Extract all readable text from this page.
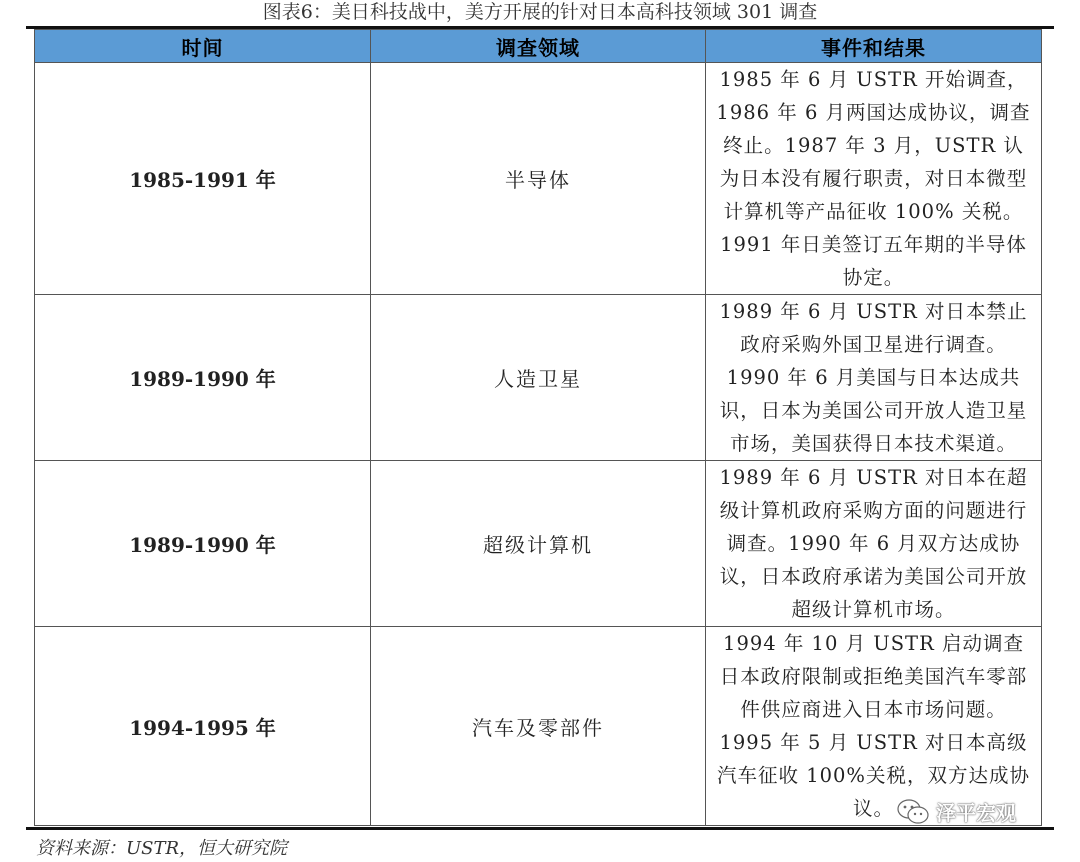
图表6：美日科技战中，美方开展的针对日本高科技领域 301 调查
时间	调查领域	事件和结果
1985-1991 年	半导体	1985 年 6 月 USTR 开始调查，1986 年 6 月两国达成协议，调查终止。1987 年 3 月，USTR 认为日本没有履行职责，对日本微型计算机等产品征收 100% 关税。1991 年日美签订五年期的半导体协定。
1989-1990 年	人造卫星	1989 年 6 月 USTR 对日本禁止政府采购外国卫星进行调查。1990 年 6 月美国与日本达成共识，日本为美国公司开放人造卫星市场，美国获得日本技术渠道。
1989-1990 年	超级计算机	1989 年 6 月 USTR 对日本在超级计算机政府采购方面的问题进行调查。1990 年 6 月双方达成协议，日本政府承诺为美国公司开放超级计算机市场。
1994-1995 年	汽车及零部件	1994 年 10 月 USTR 启动调查日本政府限制或拒绝美国汽车零部件供应商进入日本市场问题。1995 年 5 月 USTR 对日本高级汽车征收 100%关税，双方达成协议。 泽平宏观
资料来源：USTR，恒大研究院
